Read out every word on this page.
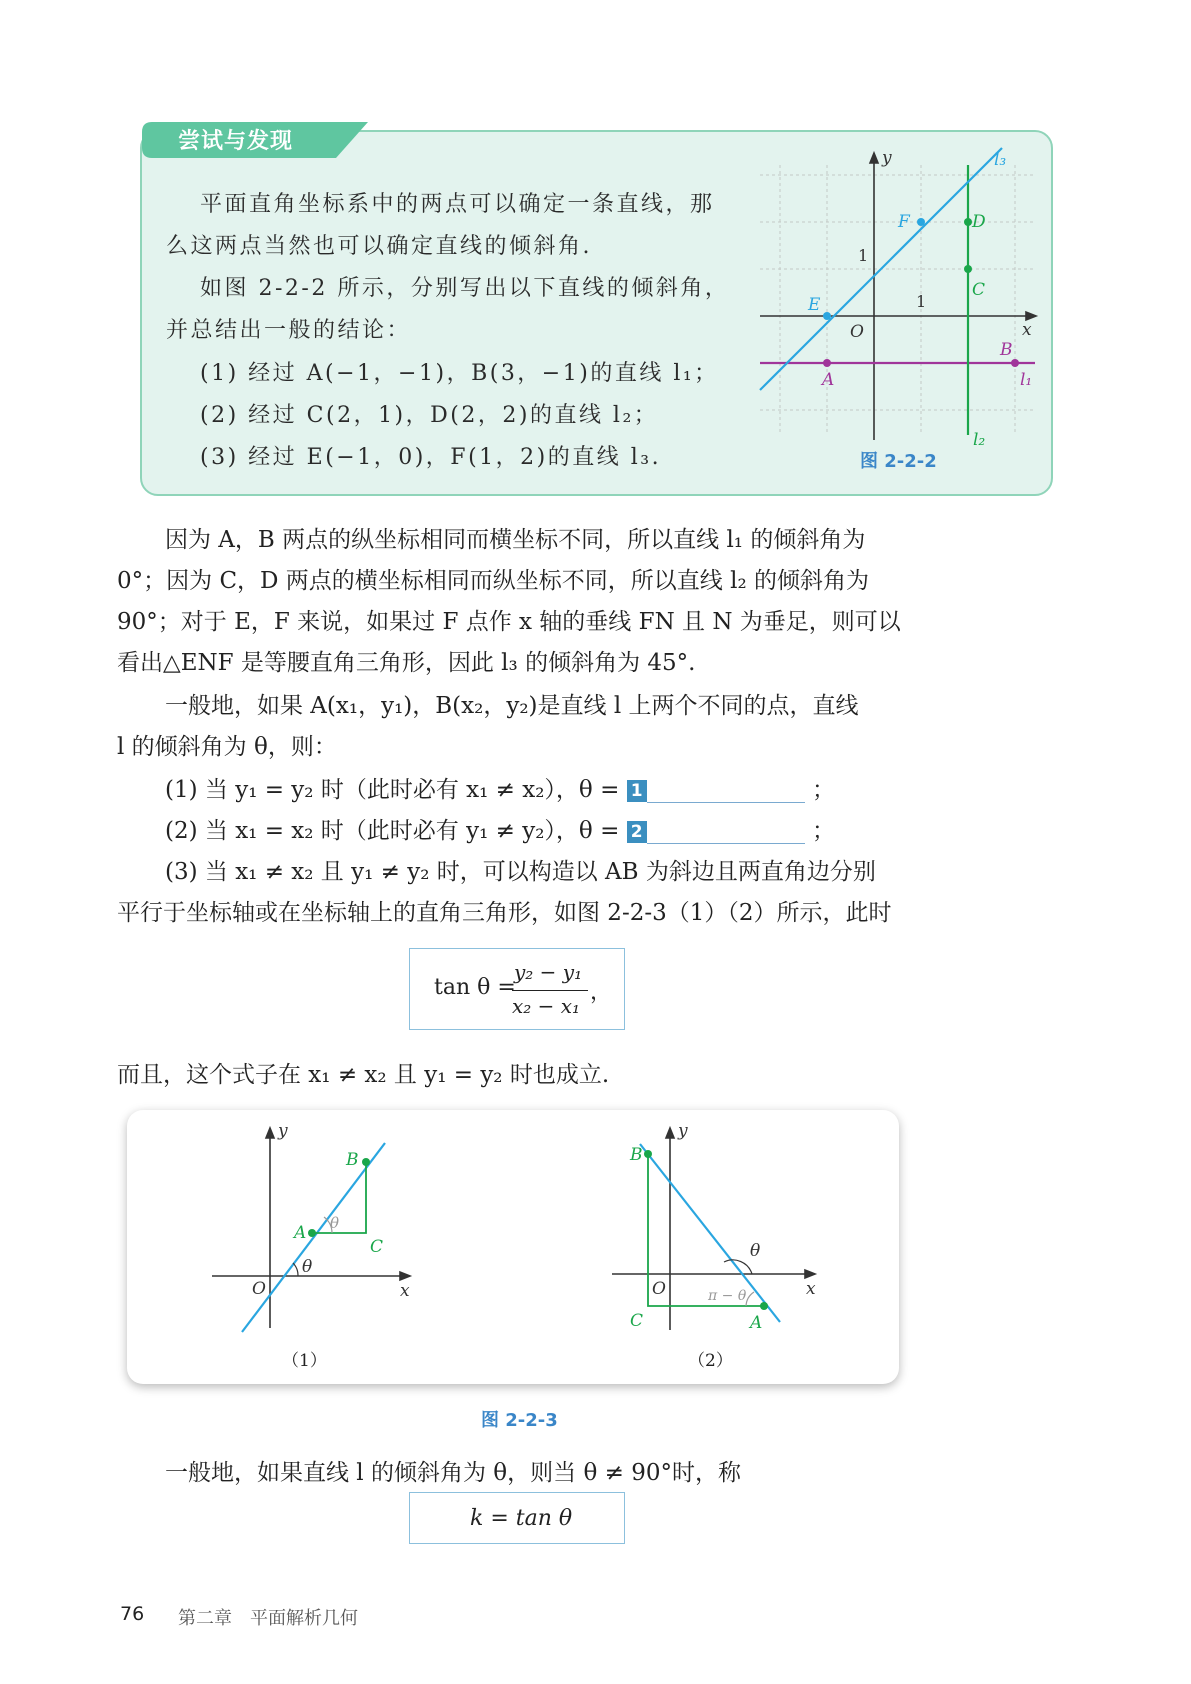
尝试与发现
平面直角坐标系中的两点可以确定一条直线，那
么这两点当然也可以确定直线的倾斜角.
如图 2-2-2 所示，分别写出以下直线的倾斜角，
并总结出一般的结论：
(1) 经过 A(−1，−1)，B(3，−1)的直线 l₁；
(2) 经过 C(2，1)，D(2，2)的直线 l₂；
(3) 经过 E(−1，0)，F(1，2)的直线 l₃.
y
x
O
A
B
C
D
E
F
l₁
l₂
l₃
1
1
图 2-2-2
因为 A，B 两点的纵坐标相同而横坐标不同，所以直线 l₁ 的倾斜角为
0°；因为 C，D 两点的横坐标相同而纵坐标不同，所以直线 l₂ 的倾斜角为
90°；对于 E，F 来说，如果过 F 点作 x 轴的垂线 FN 且 N 为垂足，则可以
看出△ENF 是等腰直角三角形，因此 l₃ 的倾斜角为 45°.
一般地，如果 A(x₁，y₁)，B(x₂，y₂)是直线 l 上两个不同的点，直线
l 的倾斜角为 θ，则：
(1) 当 y₁ = y₂ 时（此时必有 x₁ ≠ x₂），θ = 1	；
(2) 当 x₁ = x₂ 时（此时必有 y₁ ≠ y₂），θ = 2	；
(3) 当 x₁ ≠ x₂ 且 y₁ ≠ y₂ 时，可以构造以 AB 为斜边且两直角边分别
平行于坐标轴或在坐标轴上的直角三角形，如图 2-2-3（1）（2）所示，此时
tan θ =
y₂ − y₁
x₂ − x₁
，
而且，这个式子在 x₁ ≠ x₂ 且 y₁ = y₂ 时也成立.
y
x
O
A
B
C
θ
θ
（1）
y
x
O
A
B
C
θ
π − θ
（2）
图 2-2-3
一般地，如果直线 l 的倾斜角为 θ，则当 θ ≠ 90°时，称
k = tan θ
76 第二章　平面解析几何
